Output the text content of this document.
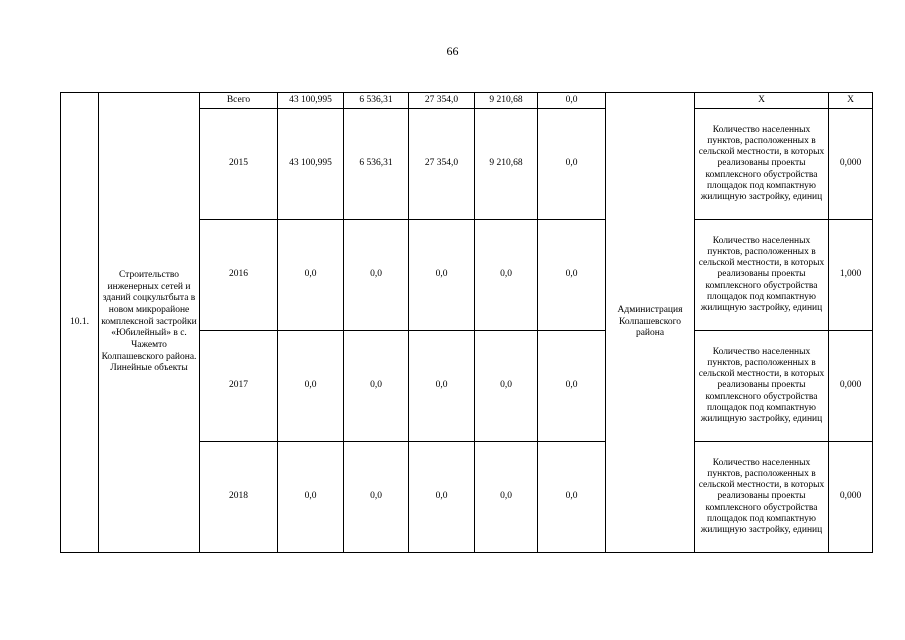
66
10.1.	Строительство инженерных сетей и зданий соцкультбыта в новом микрорайоне комплексной застройки «Юбилейный» в с. Чажемто Колпашевского района. Линейные объекты	Всего	43 100,995	6 536,31	27 354,0	9 210,68	0,0	Администрация Колпашевского района	Х	Х
		2015	43 100,995	6 536,31	27 354,0	9 210,68	0,0		Количество населенных пунктов, расположенных в сельской местности, в которых реализованы проекты комплексного обустройства площадок под компактную жилищную застройку, единиц	0,000
		2016	0,0	0,0	0,0	0,0	0,0		Количество населенных пунктов, расположенных в сельской местности, в которых реализованы проекты комплексного обустройства площадок под компактную жилищную застройку, единиц	1,000
		2017	0,0	0,0	0,0	0,0	0,0		Количество населенных пунктов, расположенных в сельской местности, в которых реализованы проекты комплексного обустройства площадок под компактную жилищную застройку, единиц	0,000
		2018	0,0	0,0	0,0	0,0	0,0		Количество населенных пунктов, расположенных в сельской местности, в которых реализованы проекты комплексного обустройства площадок под компактную жилищную застройку, единиц	0,000
